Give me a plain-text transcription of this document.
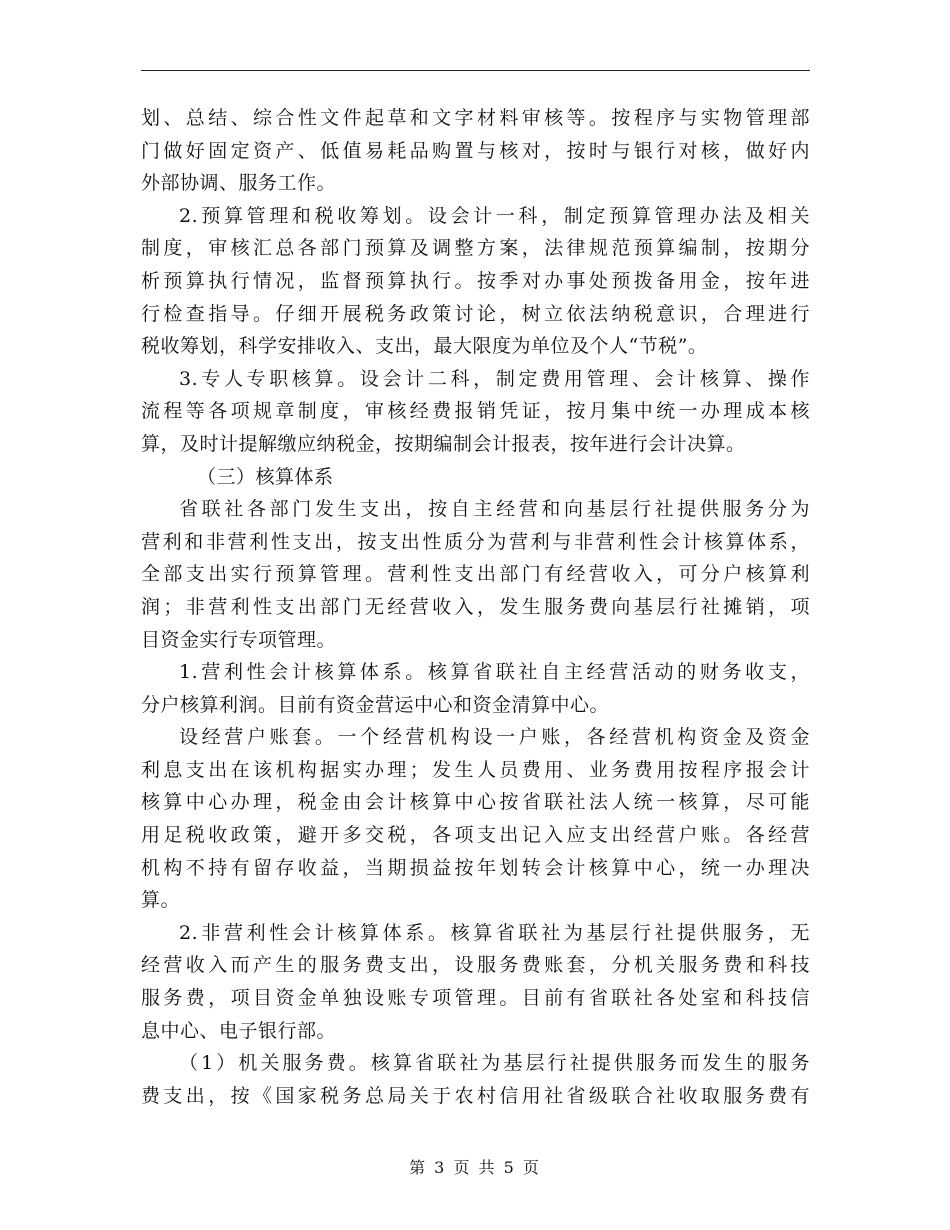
划、总结、综合性文件起草和文字材料审核等。按程序与实物管理部
门做好固定资产、低值易耗品购置与核对，按时与银行对核，做好内
外部协调、服务工作。
2.预算管理和税收筹划。设会计一科，制定预算管理办法及相关
制度，审核汇总各部门预算及调整方案，法律规范预算编制，按期分
析预算执行情况，监督预算执行。按季对办事处预拨备用金，按年进
行检查指导。仔细开展税务政策讨论，树立依法纳税意识，合理进行
税收筹划，科学安排收入、支出，最大限度为单位及个人“节税”。
3.专人专职核算。设会计二科，制定费用管理、会计核算、操作
流程等各项规章制度，审核经费报销凭证，按月集中统一办理成本核
算，及时计提解缴应纳税金，按期编制会计报表，按年进行会计决算。
（三）核算体系
省联社各部门发生支出，按自主经营和向基层行社提供服务分为
营利和非营利性支出，按支出性质分为营利与非营利性会计核算体系，
全部支出实行预算管理。营利性支出部门有经营收入，可分户核算利
润；非营利性支出部门无经营收入，发生服务费向基层行社摊销，项
目资金实行专项管理。
1.营利性会计核算体系。核算省联社自主经营活动的财务收支，
分户核算利润。目前有资金营运中心和资金清算中心。
设经营户账套。一个经营机构设一户账，各经营机构资金及资金
利息支出在该机构据实办理；发生人员费用、业务费用按程序报会计
核算中心办理，税金由会计核算中心按省联社法人统一核算，尽可能
用足税收政策，避开多交税，各项支出记入应支出经营户账。各经营
机构不持有留存收益，当期损益按年划转会计核算中心，统一办理决
算。
2.非营利性会计核算体系。核算省联社为基层行社提供服务，无
经营收入而产生的服务费支出，设服务费账套，分机关服务费和科技
服务费，项目资金单独设账专项管理。目前有省联社各处室和科技信
息中心、电子银行部。
（1）机关服务费。核算省联社为基层行社提供服务而发生的服务
费支出，按《国家税务总局关于农村信用社省级联合社收取服务费有
第 3 页 共 5 页
